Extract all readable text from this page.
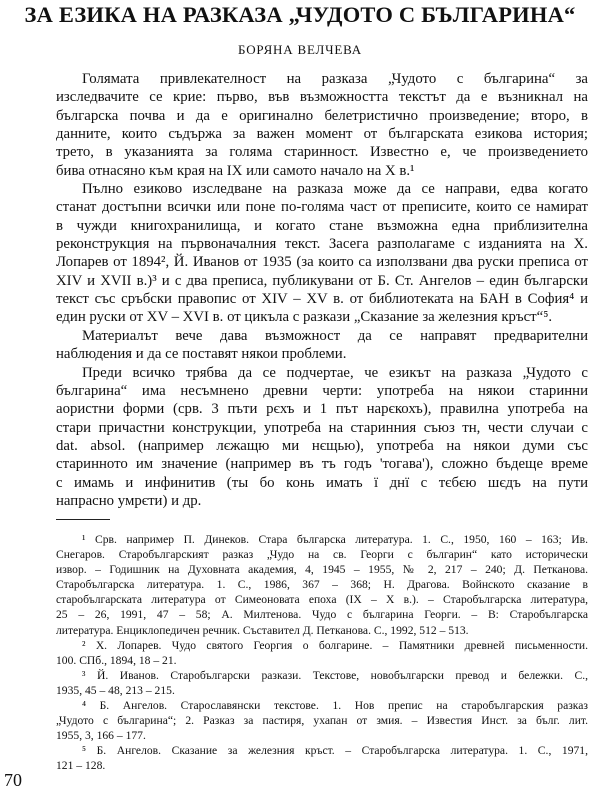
ЗА ЕЗИКА НА РАЗКАЗА „ЧУДОТО С БЪЛГАРИНА“
БОРЯНА ВЕЛЧЕВА
Голямата привлекателност на разказа „Чудото с българина“ за
изследвачите се крие: първо, във възможността текстът да е възникнал на
българска почва и да е оригинално белетристично произведение; второ, в
данните, които съдържа за важен момент от българската езикова история;
трето, в указанията за голяма старинност. Известно е, че произведението
бива отнасяно към края на IX или самото начало на X в.¹
Пълно езиково изследване на разказа може да се направи, едва когато
станат достъпни всички или поне по-голяма част от преписите, които се намират
в чужди книгохранилища, и когато стане възможна една приблизителна
реконструкция на първоначалния текст. Засега разполагаме с изданията на Х.
Лопарев от 1894², Й. Иванов от 1935 (за които са използвани два руски преписа от
XIV и XVII в.)³ и с два преписа, публикувани от Б. Ст. Ангелов – един български
текст със сръбски правопис от XIV – XV в. от библиотеката на БАН в София⁴ и
един руски от XV – XVI в. от цикъла с разкази „Сказание за железния кръст“⁵.
Материалът вече дава възможност да се направят предварителни
наблюдения и да се поставят някои проблеми.
Преди всичко трябва да се подчертае, че езикът на разказа „Чудото с
българина“ има несъмнено древни черти: употреба на някои старинни
аористни форми (срв. 3 пъти рєхъ и 1 път нарєкохъ), правилна употреба на
стари причастни конструкции, употреба на старинния съюз тн, чести случаи с
dat. absol. (например лєжащю ми нєщью), употреба на някои думи със
старинното им значение (например въ тъ годъ 'тогава'), сложно бъдеще време
с имамь и инфинитив (ты бо конь имать ї днї с тєбєю шєдъ на пути
напрасно умрєти) и др.
¹ Срв. например П. Динеков. Стара българска литература. 1. С., 1950, 160 – 163; Ив.
Снегаров. Старобългарският разказ „Чудо на св. Георги с българин“ като исторически
извор. – Годишник на Духовната академия, 4, 1945 – 1955, № 2, 217 – 240; Д. Петканова.
Старобългарска литература. 1. С., 1986, 367 – 368; Н. Драгова. Войнското сказание в
старобългарската литература от Симеоновата епоха (IX – X в.). – Старобългарска литература,
25 – 26, 1991, 47 – 58; А. Милтенова. Чудо с българина Георги. – В: Старобългарска
литература. Енциклопедичен речник. Съставител Д. Петканова. С., 1992, 512 – 513.
² Х. Лопарев. Чудо святого Георгия о болгарине. – Памятники древней письменности.
100. СПб., 1894, 18 – 21.
³ Й. Иванов. Старобългарски разкази. Текстове, новобългарски превод и бележки. С.,
1935, 45 – 48, 213 – 215.
⁴ Б. Ангелов. Старославянски текстове. 1. Нов препис на старобългарския разказ
„Чудото с българина“; 2. Разказ за пастиря, ухапан от змия. – Известия Инст. за бълг. лит.
1955, 3, 166 – 177.
⁵ Б. Ангелов. Сказание за железния кръст. – Старобългарска литература. 1. С., 1971,
121 – 128.
70
